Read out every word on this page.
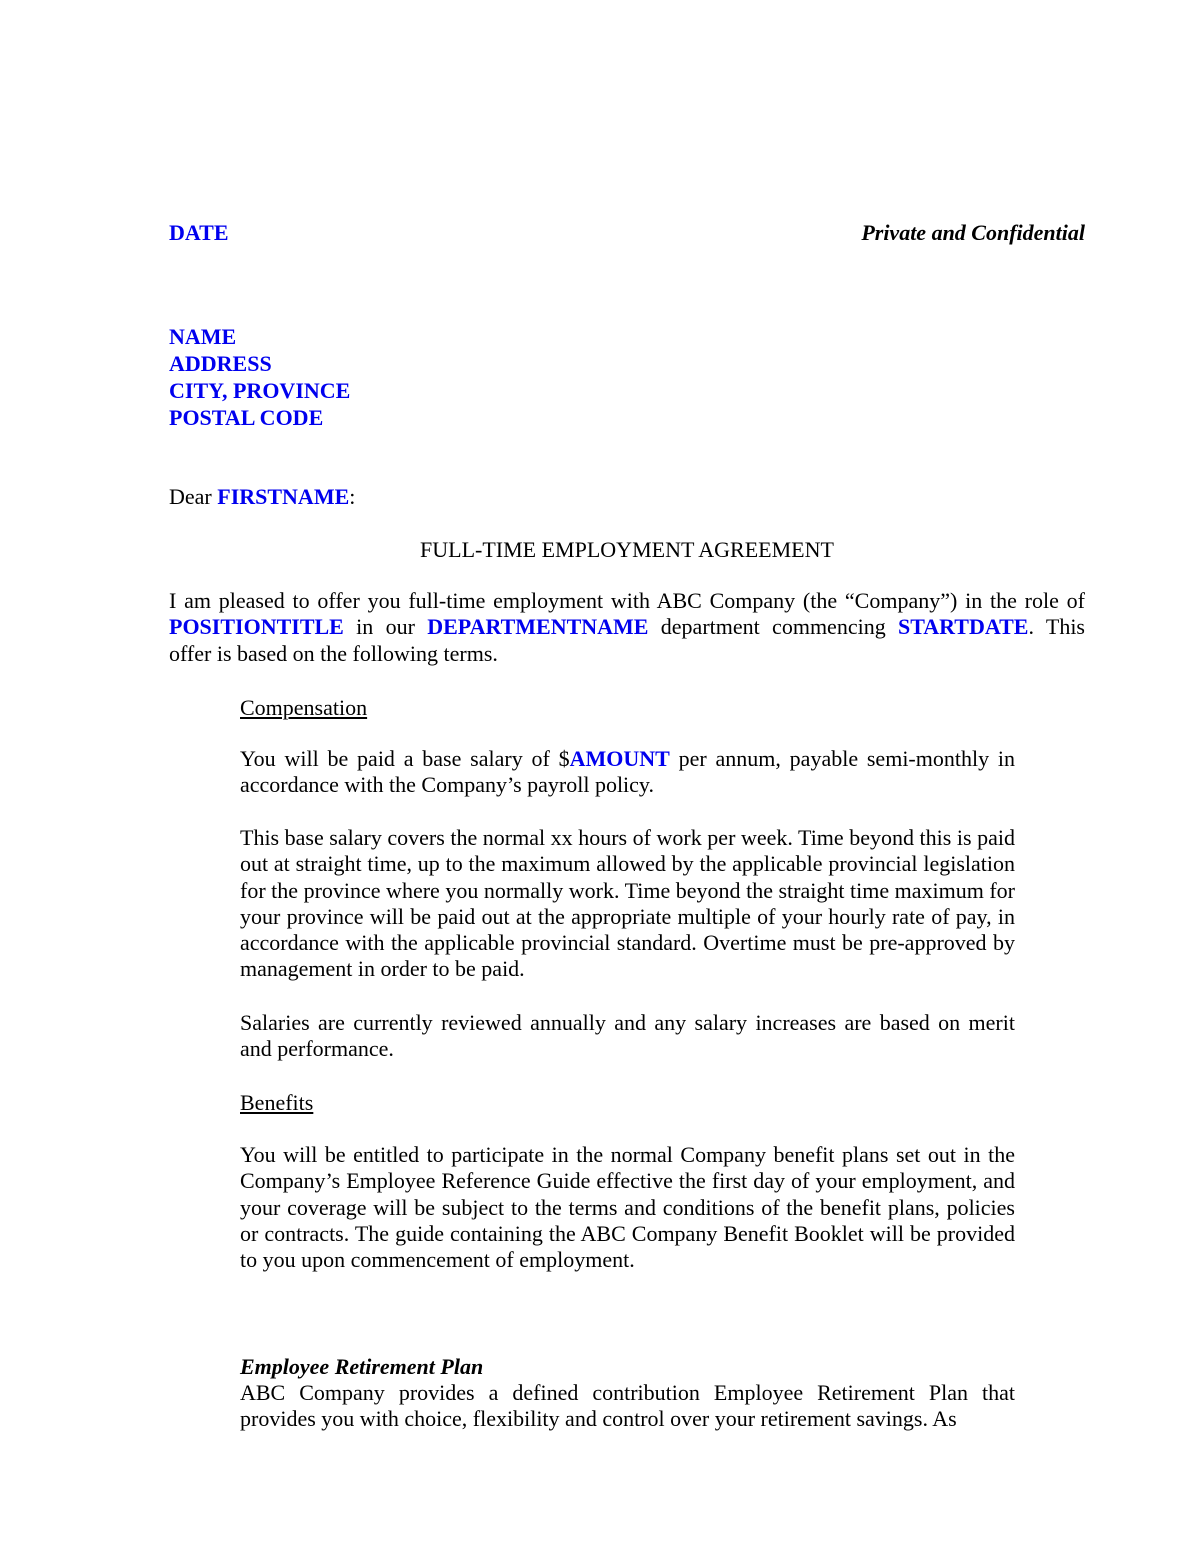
DATE	Private and Confidential
NAME
ADDRESS
CITY, PROVINCE
POSTAL CODE
Dear FIRSTNAME:
FULL-TIME EMPLOYMENT AGREEMENT
I am pleased to offer you full-time employment with ABC Company (the “Company”) in the role of POSITIONTITLE in our DEPARTMENTNAME department commencing STARTDATE. This offer is based on the following terms.
Compensation
You will be paid a base salary of $AMOUNT per annum, payable semi-monthly in accordance with the Company’s payroll policy.
This base salary covers the normal xx hours of work per week. Time beyond this is paid out at straight time, up to the maximum allowed by the applicable provincial legislation for the province where you normally work. Time beyond the straight time maximum for your province will be paid out at the appropriate multiple of your hourly rate of pay, in accordance with the applicable provincial standard. Overtime must be pre-approved by management in order to be paid.
Salaries are currently reviewed annually and any salary increases are based on merit and performance.
Benefits
You will be entitled to participate in the normal Company benefit plans set out in the Company’s Employee Reference Guide effective the first day of your employment, and your coverage will be subject to the terms and conditions of the benefit plans, policies or contracts. The guide containing the ABC Company Benefit Booklet will be provided to you upon commencement of employment.
Employee Retirement Plan
ABC Company provides a defined contribution Employee Retirement Plan that provides you with choice, flexibility and control over your retirement savings. As
